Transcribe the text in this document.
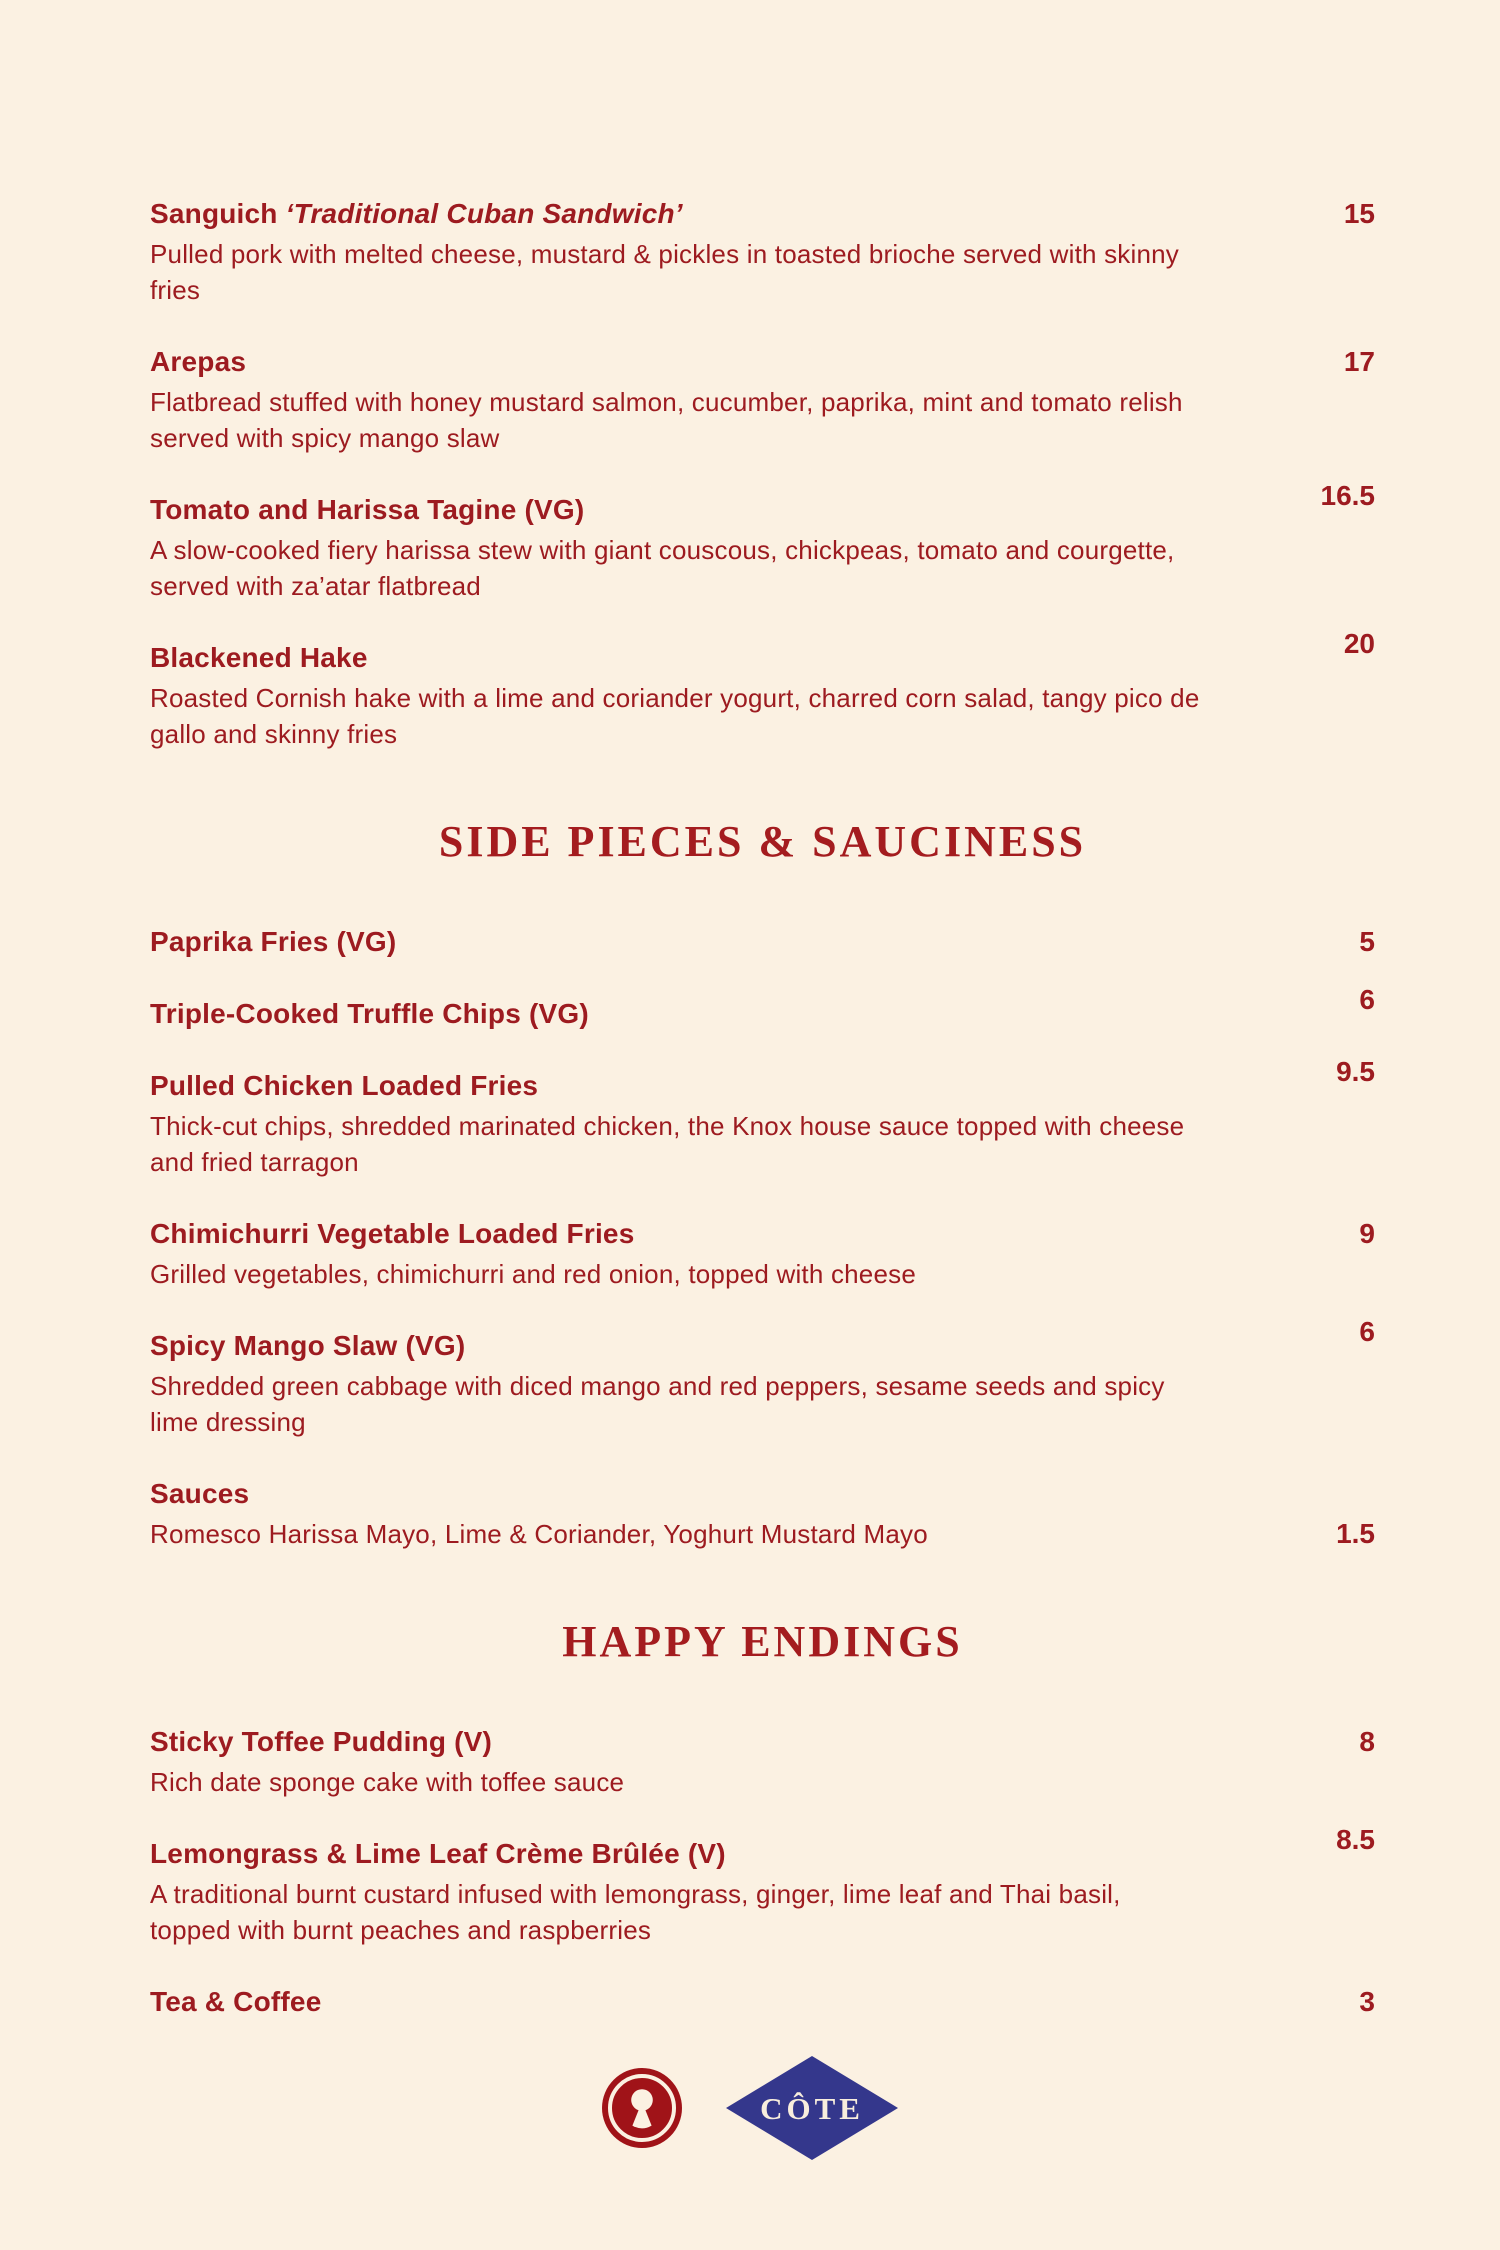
Sanguich ‘Traditional Cuban Sandwich’
Pulled pork with melted cheese, mustard & pickles in toasted brioche served with skinny fries
15
Arepas
Flatbread stuffed with honey mustard salmon, cucumber, paprika, mint and tomato relish served with spicy mango slaw
17
Tomato and Harissa Tagine (VG)
A slow-cooked fiery harissa stew with giant couscous, chickpeas, tomato and courgette, served with za’atar flatbread
16.5
Blackened Hake
Roasted Cornish hake with a lime and coriander yogurt, charred corn salad, tangy pico de gallo and skinny fries
20
SIDE PIECES & SAUCINESS
Paprika Fries (VG)	5
Triple-Cooked Truffle Chips (VG)	6
Pulled Chicken Loaded Fries
Thick-cut chips, shredded marinated chicken, the Knox house sauce topped with cheese and fried tarragon
9.5
Chimichurri Vegetable Loaded Fries
Grilled vegetables, chimichurri and red onion, topped with cheese
9
Spicy Mango Slaw (VG)
Shredded green cabbage with diced mango and red peppers, sesame seeds and spicy lime dressing
6
Sauces
Romesco Harissa Mayo, Lime & Coriander, Yoghurt Mustard Mayo	1.5
HAPPY ENDINGS
Sticky Toffee Pudding (V)
Rich date sponge cake with toffee sauce
8
Lemongrass & Lime Leaf Crème Brûlée (V)
A traditional burnt custard infused with lemongrass, ginger, lime leaf and Thai basil, topped with burnt peaches and raspberries
8.5
Tea & Coffee	3
CÔTE
